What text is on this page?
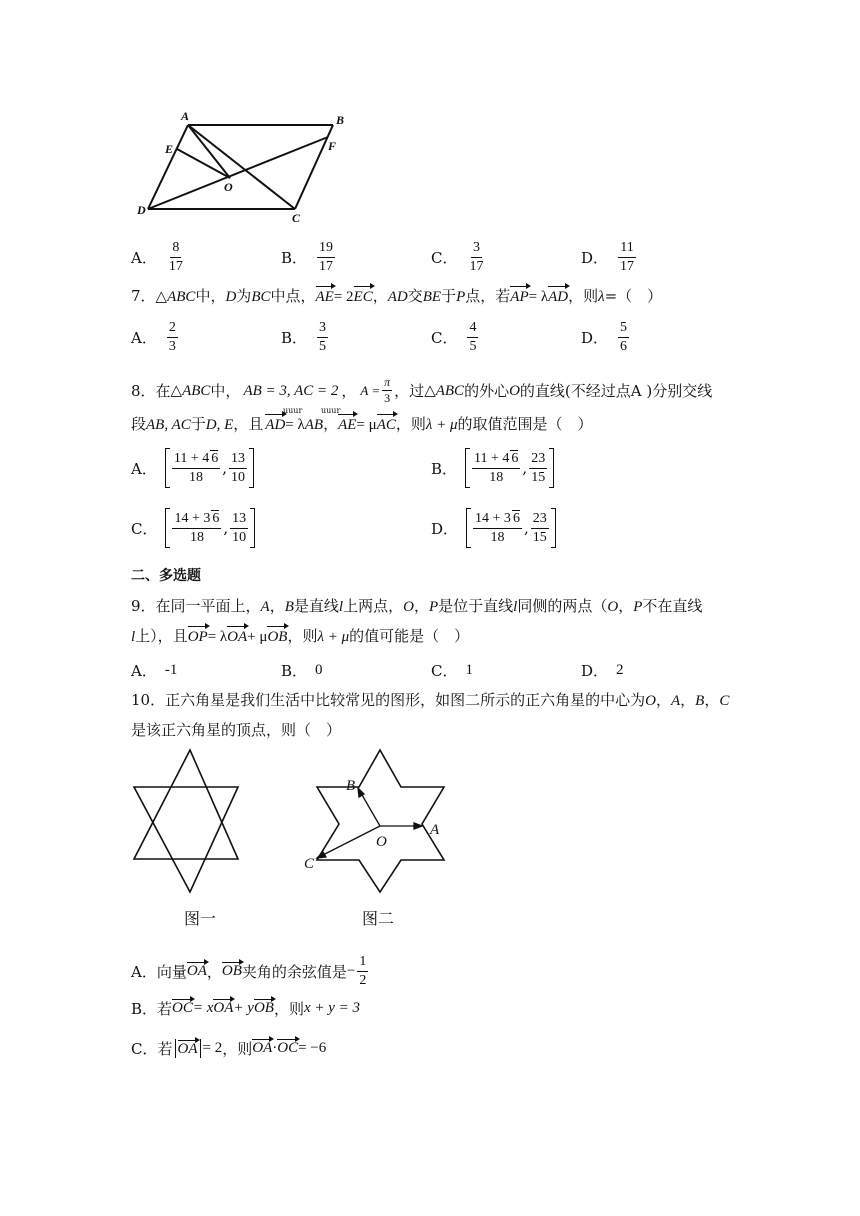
A	B
C
D
E	F
O
A． $\frac{8}{17}$	B． $\frac{19}{17}$	C． $\frac{3}{17}$	D． $\frac{11}{17}$
7．△ABC中，D为BC中点，AE= 2EC，AD交BE于P点，若AP= λAD，则λ=（　）
A． $\frac{2}{3}$	B． $\frac{3}{5}$	C． $\frac{4}{5}$	D． $\frac{5}{6}$
8．在 △ABC 中， AB = 3, AC = 2 ， $A = \frac{\pi}{3}$ ，过 △ABC 的外心 O 的直线(不经过点A )分别交线
段AB, AC于D, E，且 AD
uuur
= λ
uuur
AB，AE= μAC，则λ + μ的取值范围是（　）
A． $\frac{11 + 4 6}{18}$ , $\frac{13}{10}$	B． $\frac{11 + 4 6}{18}$ , $\frac{23}{15}$
C． $\frac{14 + 3 6}{18}$ , $\frac{13}{10}$	D． $\frac{14 + 3 6}{18}$ , $\frac{23}{15}$
二、多选题
9．在同一平面上，A，B是直线l上两点，O，P是位于直线l同侧的两点（O，P不在直线
l上），且OP= λOA+ μOB，则λ + μ的值可能是（　）
A． -1	B． 0	C． 1	D． 2
10．正六角星是我们生活中比较常见的图形，如图二所示的正六角星的中心为O，A，B，C
是该正六角星的顶点，则（　）
图一
A
B
C
O
图二
A． 向量 OA ， OB 夹角的余弦值是 − $\frac{1}{2}$
B． 若 OC = x OA + y OB ，则 x + y = 3
C． 若 OA = 2 ，则 OA · OC = −6
